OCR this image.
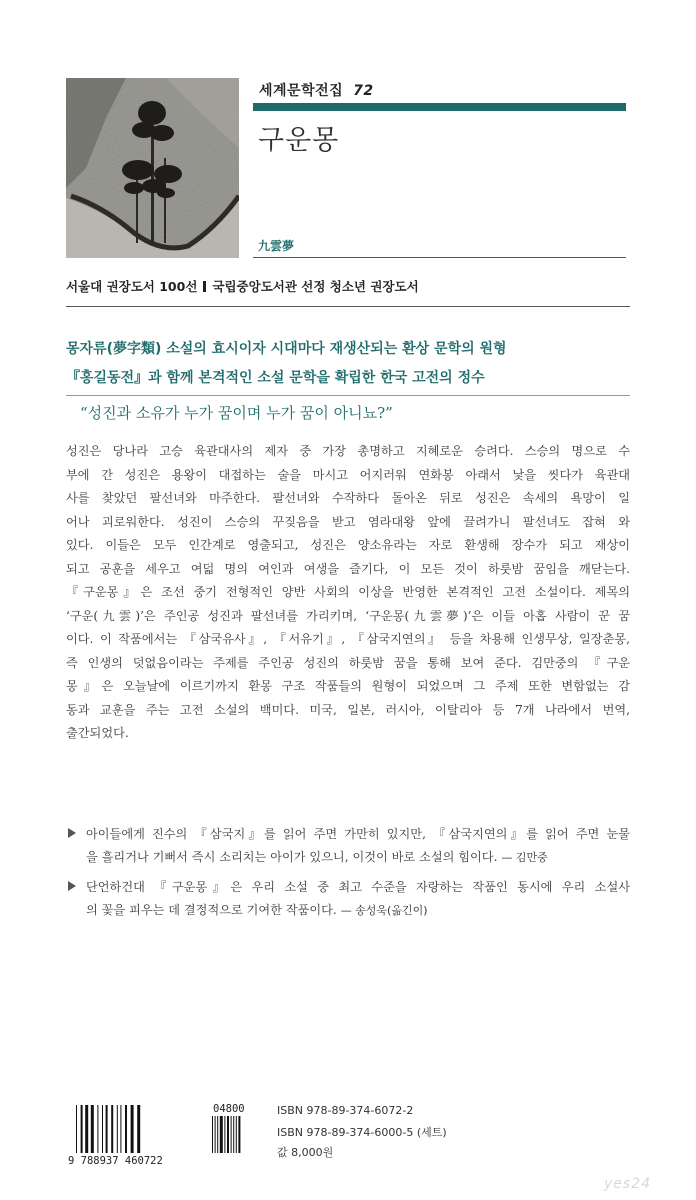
세계문학전집 72
구운몽
九雲夢
서울대 권장도서 100선 국립중앙도서관 선정 청소년 권장도서
몽자류(夢字類) 소설의 효시이자 시대마다 재생산되는 환상 문학의 원형
『홍길동전』과 함께 본격적인 소설 문학을 확립한 한국 고전의 정수
“성진과 소유가 누가 꿈이며 누가 꿈이 아니뇨?”
성진은 당나라 고승 육관대사의 제자 중 가장 총명하고 지혜로운 승려다. 스승의 명으로 수
부에 간 성진은 용왕이 대접하는 술을 마시고 어지러워 연화봉 아래서 낯을 씻다가 육관대
사를 찾았던 팔선녀와 마주한다. 팔선녀와 수작하다 돌아온 뒤로 성진은 속세의 욕망이 일
어나 괴로워한다. 성진이 스승의 꾸짖음을 받고 염라대왕 앞에 끌려가니 팔선녀도 잡혀 와
있다. 이들은 모두 인간계로 영출되고, 성진은 양소유라는 자로 환생해 장수가 되고 재상이
되고 공훈을 세우고 여덟 명의 여인과 여생을 즐기다, 이 모든 것이 하룻밤 꿈임을 깨닫는다.
『구운몽』은 조선 중기 전형적인 양반 사회의 이상을 반영한 본격적인 고전 소설이다. 제목의
‘구운(九雲)’은 주인공 성진과 팔선녀를 가리키며, ‘구운몽(九雲夢)’은 이들 아홉 사람이 꾼 꿈
이다. 이 작품에서는 『삼국유사』, 『서유기』, 『삼국지연의』 등을 차용해 인생무상, 일장춘몽,
즉 인생의 덧없음이라는 주제를 주인공 성진의 하룻밤 꿈을 통해 보여 준다. 김만중의 『구운
몽』은 오늘날에 이르기까지 환몽 구조 작품들의 원형이 되었으며 그 주제 또한 변함없는 감
동과 교훈을 주는 고전 소설의 백미다. 미국, 일본, 러시아, 이탈리아 등 7개 나라에서 번역,
출간되었다.
아이들에게 진수의 『삼국지』를 읽어 주면 가만히 있지만, 『삼국지연의』를 읽어 주면 눈물
을 흘리거나 기뻐서 즉시 소리치는 아이가 있으니, 이것이 바로 소설의 힘이다. — 김만중
단언하건대 『구운몽』은 우리 소설 중 최고 수준을 자랑하는 작품인 동시에 우리 소설사
의 꽃을 피우는 데 결정적으로 기여한 작품이다. — 송성욱(옮긴이)
9 788937 460722
04800	ISBN 978-89-374-6072-2
ISBN 978-89-374-6000-5 (세트)
값 8,000원
yes24
